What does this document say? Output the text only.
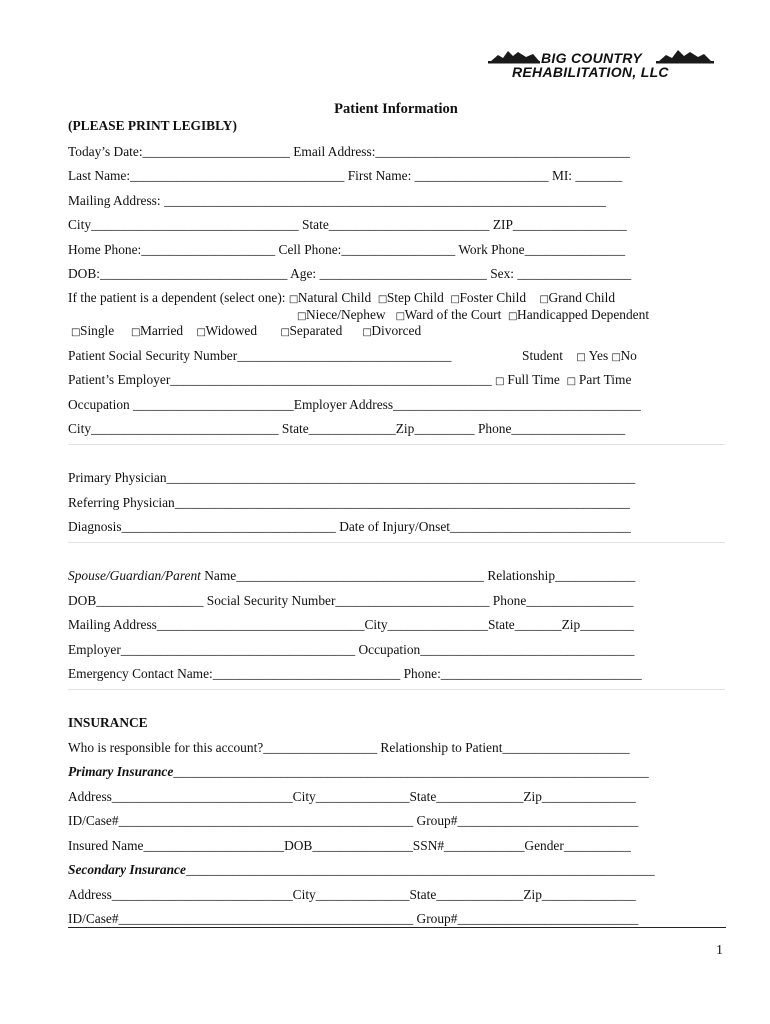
BIG COUNTRY
REHABILITATION, LLC
Patient Information
(PLEASE PRINT LEGIBLY)
Today’s Date:______________________ Email Address:______________________________________
Last Name:________________________________ First Name: ____________________ MI: _______
Mailing Address: __________________________________________________________________
City_______________________________ State________________________ ZIP_________________
Home Phone:____________________ Cell Phone:_________________ Work Phone_______________
DOB:____________________________ Age: _________________________ Sex: _________________
If the patient is a dependent (select one): □Natural Child □Step Child □Foster Child □Grand Child
□Niece/Nephew □Ward of the Court □Handicapped Dependent
□Single □Married □Widowed □Separated □Divorced
Patient Social Security Number________________________________	Student □ Yes □No
Patient’s Employer________________________________________________ □ Full Time □ Part Time
Occupation ________________________Employer Address_____________________________________
City____________________________ State_____________Zip_________ Phone_________________
Primary Physician______________________________________________________________________
Referring Physician____________________________________________________________________
Diagnosis________________________________ Date of Injury/Onset___________________________
Spouse/Guardian/Parent Name_____________________________________ Relationship____________
DOB________________ Social Security Number_______________________ Phone________________
Mailing Address_______________________________City_______________State_______Zip________
Employer___________________________________ Occupation________________________________
Emergency Contact Name:____________________________ Phone:______________________________
INSURANCE
Who is responsible for this account?_________________ Relationship to Patient___________________
Primary Insurance_______________________________________________________________________
Address___________________________City______________State_____________Zip______________
ID/Case#____________________________________________ Group#___________________________
Insured Name_____________________DOB_______________SSN#____________Gender__________
Secondary Insurance______________________________________________________________________
Address___________________________City______________State_____________Zip______________
ID/Case#____________________________________________ Group#___________________________
1
